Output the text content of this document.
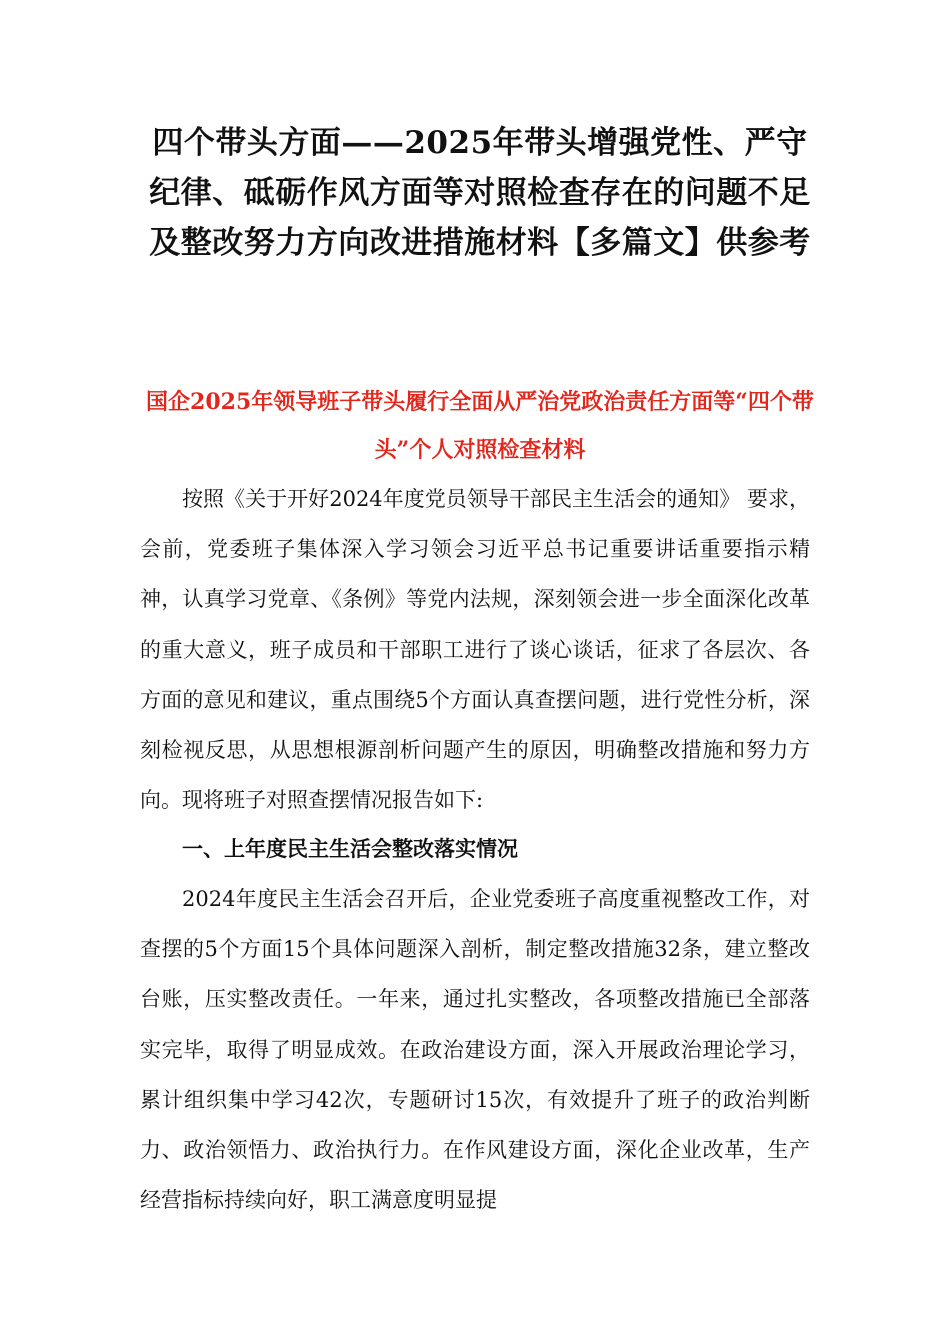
四个带头方面——2025年带头增强党性、严守纪律、砥砺作风方面等对照检查存在的问题不足及整改努力方向改进措施材料【多篇文】供参考
国企2025年领导班子带头履行全面从严治党政治责任方面等“四个带头”个人对照检查材料

按照《关于开好2024年度党员领导干部民主生活会的通知》 要求，会前，党委班子集体深入学习领会习近平总书记重要讲话重要指示精神，认真学习党章、《条例》等党内法规，深刻领会进一步全面深化改革的重大意义，班子成员和干部职工进行了谈心谈话，征求了各层次、各方面的意见和建议，重点围绕5个方面认真查摆问题，进行党性分析，深刻检视反思，从思想根源剖析问题产生的原因，明确整改措施和努力方向。现将班子对照查摆情况报告如下:

一、上年度民主生活会整改落实情况

2024年度民主生活会召开后，企业党委班子高度重视整改工作，对查摆的5个方面15个具体问题深入剖析，制定整改措施32条，建立整改台账，压实整改责任。一年来，通过扎实整改，各项整改措施已全部落实完毕，取得了明显成效。在政治建设方面，深入开展政治理论学习，累计组织集中学习42次，专题研讨15次，有效提升了班子的政治判断力、政治领悟力、政治执行力。在作风建设方面，深化企业改革，生产经营指标持续向好，职工满意度明显提
